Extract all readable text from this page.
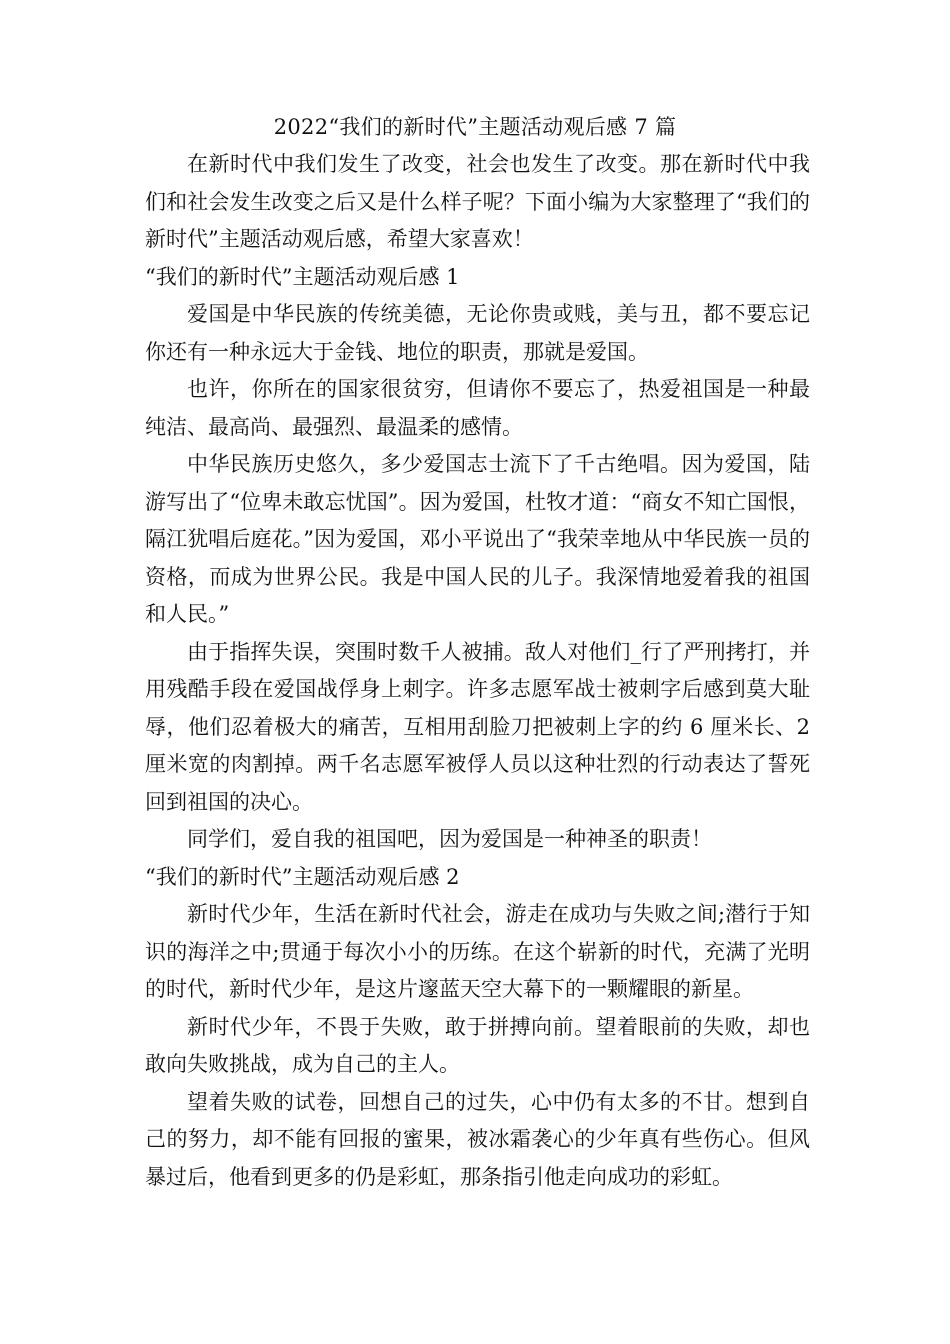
2022“我们的新时代”主题活动观后感 7 篇

在新时代中我们发生了改变，社会也发生了改变。那在新时代中我们和社会发生改变之后又是什么样子呢？下面小编为大家整理了“我们的新时代”主题活动观后感，希望大家喜欢！

“我们的新时代”主题活动观后感 1

爱国是中华民族的传统美德，无论你贵或贱，美与丑，都不要忘记你还有一种永远大于金钱、地位的职责，那就是爱国。

也许，你所在的国家很贫穷，但请你不要忘了，热爱祖国是一种最纯洁、最高尚、最强烈、最温柔的感情。

中华民族历史悠久，多少爱国志士流下了千古绝唱。因为爱国，陆游写出了“位卑未敢忘忧国”。因为爱国，杜牧才道：“商女不知亡国恨，隔江犹唱后庭花。”因为爱国，邓小平说出了“我荣幸地从中华民族一员的资格，而成为世界公民。我是中国人民的儿子。我深情地爱着我的祖国和人民。”

由于指挥失误，突围时数千人被捕。敌人对他们_行了严刑拷打，并用残酷手段在爱国战俘身上刺字。许多志愿军战士被刺字后感到莫大耻辱，他们忍着极大的痛苦，互相用刮脸刀把被刺上字的约 6 厘米长、2 厘米宽的肉割掉。两千名志愿军被俘人员以这种壮烈的行动表达了誓死回到祖国的决心。

同学们，爱自我的祖国吧，因为爱国是一种神圣的职责！

“我们的新时代”主题活动观后感 2

新时代少年，生活在新时代社会，游走在成功与失败之间;潜行于知识的海洋之中;贯通于每次小小的历练。在这个崭新的时代，充满了光明的时代，新时代少年，是这片邃蓝天空大幕下的一颗耀眼的新星。

新时代少年，不畏于失败，敢于拼搏向前。望着眼前的失败，却也敢向失败挑战，成为自己的主人。

望着失败的试卷，回想自己的过失，心中仍有太多的不甘。想到自己的努力，却不能有回报的蜜果，被冰霜袭心的少年真有些伤心。但风暴过后，他看到更多的仍是彩虹，那条指引他走向成功的彩虹。
